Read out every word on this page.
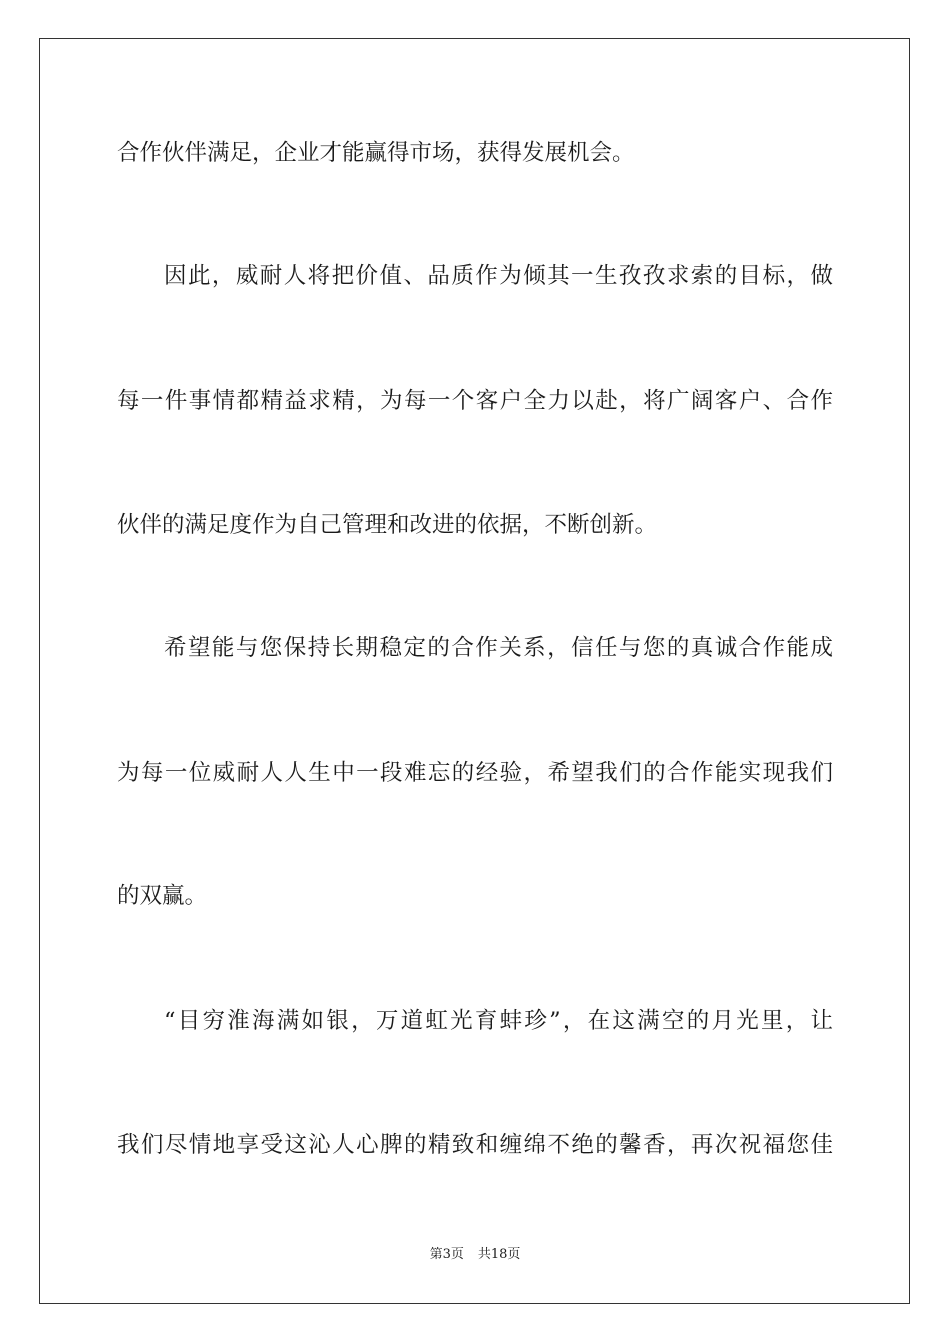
合作伙伴满足，企业才能赢得市场，获得发展机会。
因此，威耐人将把价值、品质作为倾其一生孜孜求索的目标，做
每一件事情都精益求精，为每一个客户全力以赴，将广阔客户、合作
伙伴的满足度作为自己管理和改进的依据，不断创新。
希望能与您保持长期稳定的合作关系，信任与您的真诚合作能成
为每一位威耐人人生中一段难忘的经验，希望我们的合作能实现我们
的双赢。
“目穷淮海满如银，万道虹光育蚌珍”，在这满空的月光里，让
我们尽情地享受这沁人心脾的精致和缠绵不绝的馨香，再次祝福您佳
第3页 共18页
